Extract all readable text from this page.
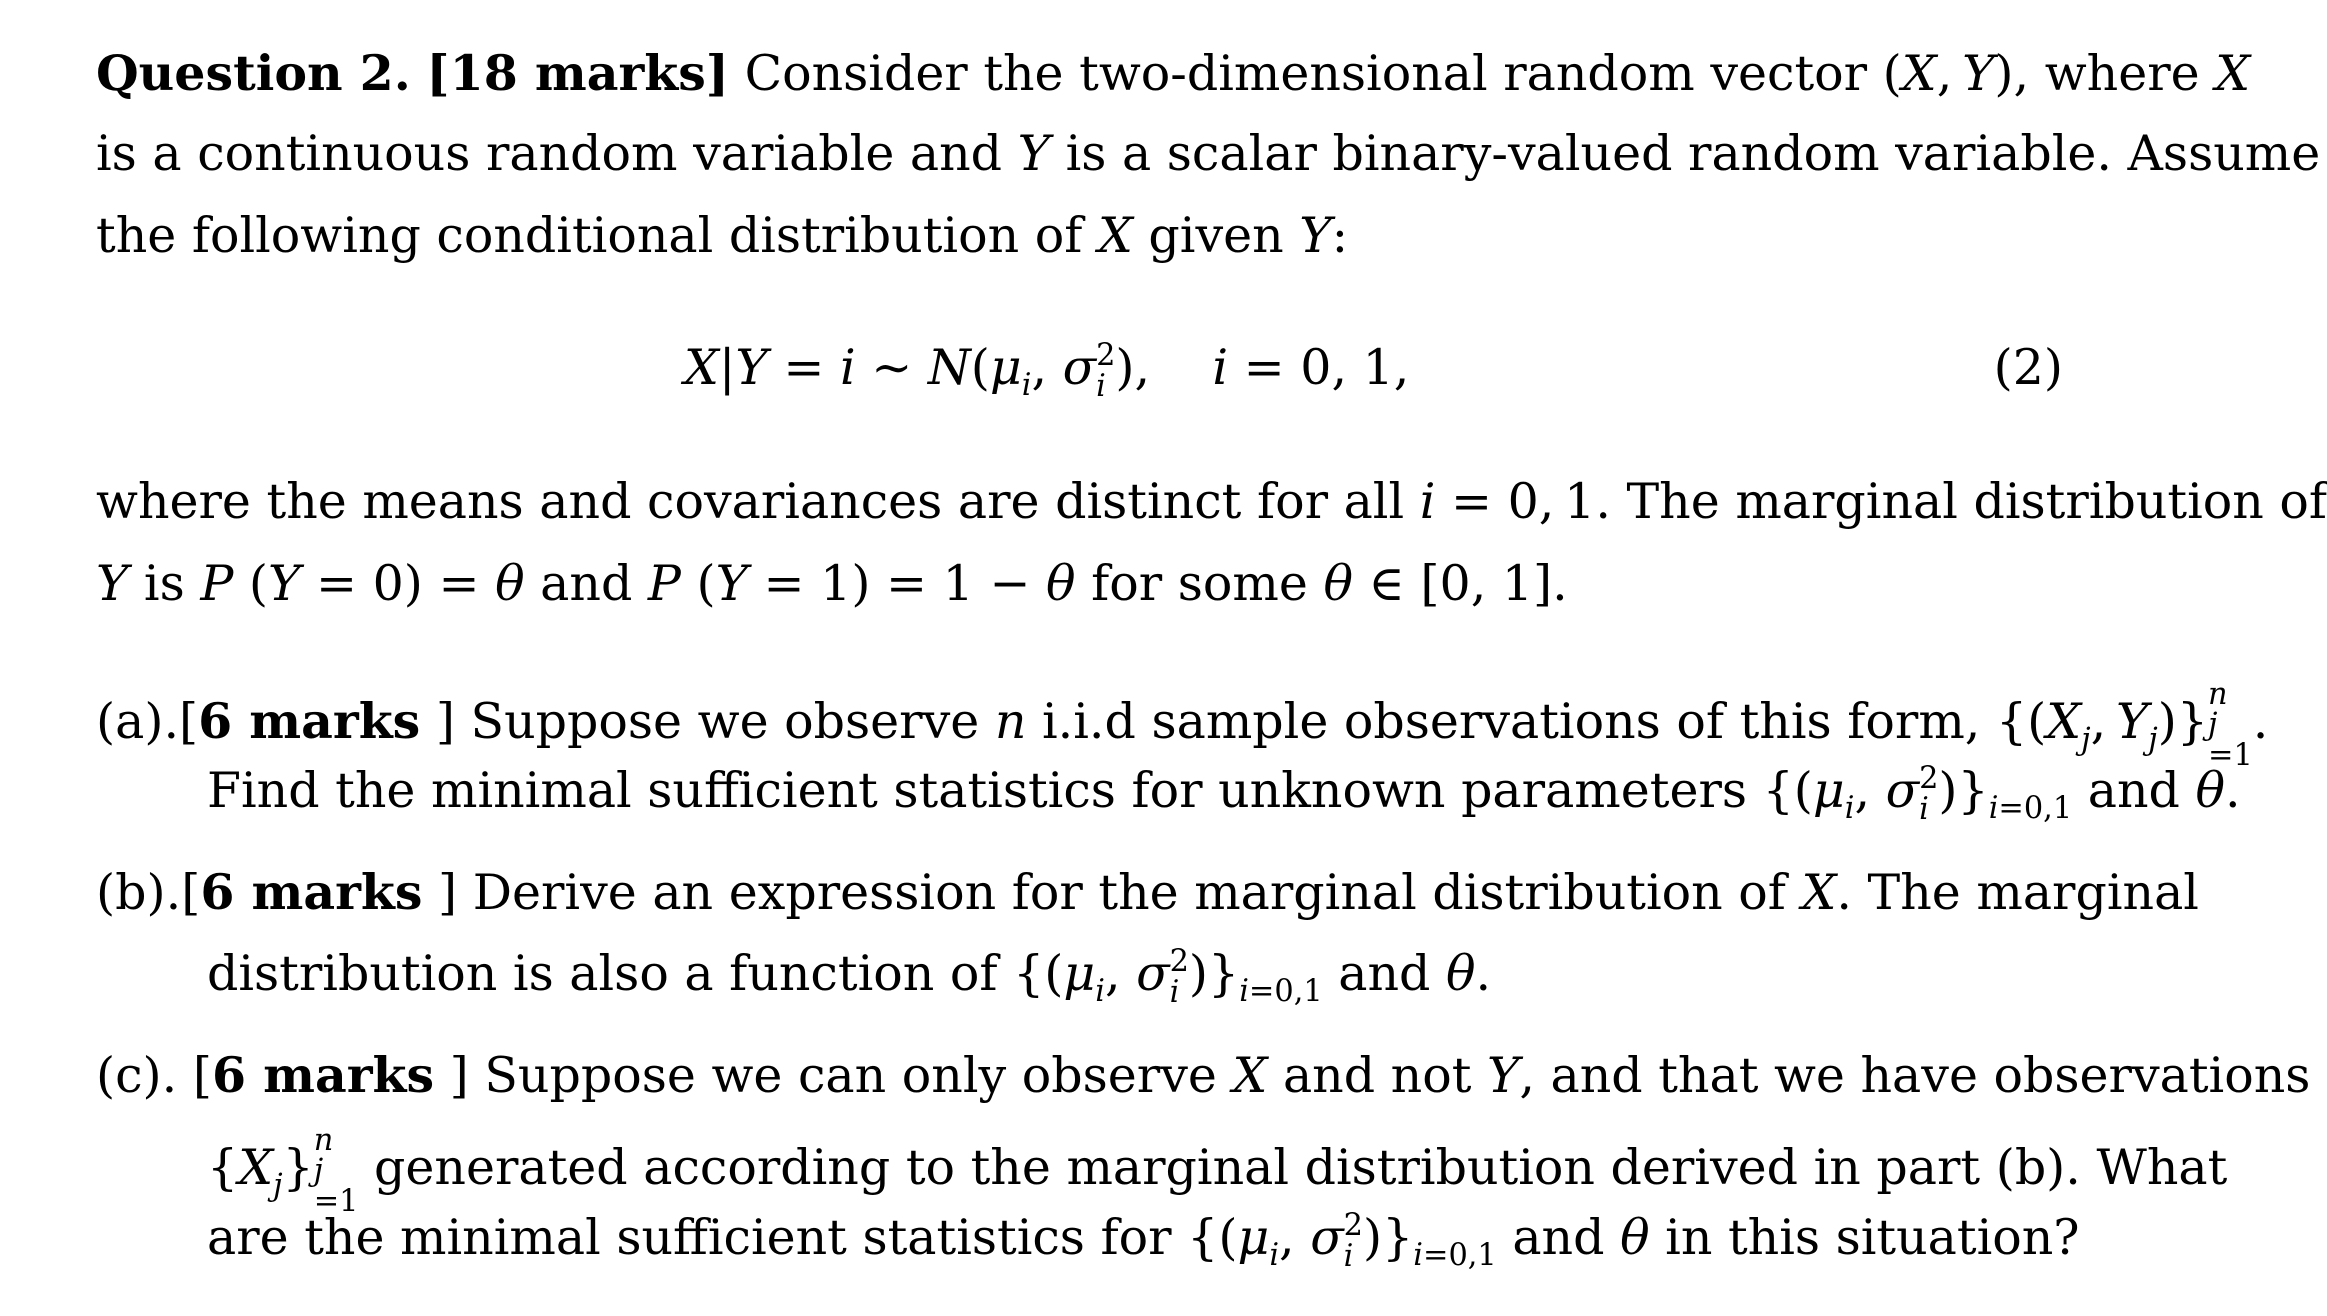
Question 2. [18 marks] Consider the two-dimensional random vector (X, Y), where X
is a continuous random variable and Y is a scalar binary-valued random variable. Assume
the following conditional distribution of X given Y:
X|Y = i ∼ $N(\mu_i$, σ 2
i ),    i = 0, 1,	(2)
where the means and covariances are distinct for all i = 0, 1. The marginal distribution of
Y is P (Y = 0) = θ and P (Y = 1) = 1 − θ for some θ ∈ [0, 1].
(a).[6 marks ] Suppose we observe n i.i.d sample observations of this form, {($X_j$, $Y_j$)} n
j
=1
.
Find the minimal sufficient statistics for unknown parameters {($\mu_i$, σ 2
i )}$_{i=0,1}$ and θ.
(b).[6 marks ] Derive an expression for the marginal distribution of X. The marginal
distribution is also a function of {($\mu_i$, σ 2
i )}$_{i=0,1}$ and θ.
(c). [6 marks ] Suppose we can only observe X and not Y, and that we have observations
$\{X_j\}$ n
j
=1
generated according to the marginal distribution derived in part (b). What
are the minimal sufficient statistics for {($\mu_i$, σ 2
i )}$_{i=0,1}$ and θ in this situation?
